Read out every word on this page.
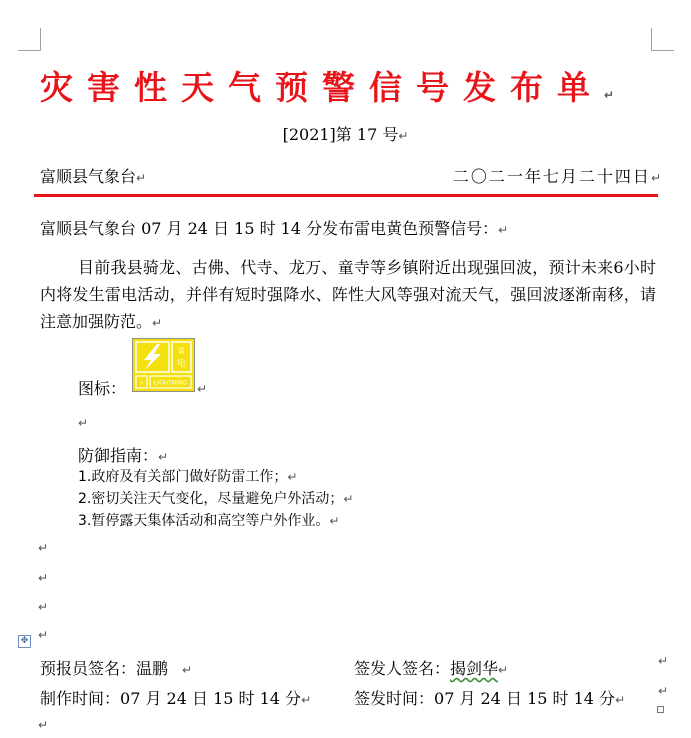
灾害性天气预警信号发布单↵
[2021]第 17 号↵
富顺县气象台↵	二〇二一年七月二十四日↵
富顺县气象台 07 月 24 日 15 时 14 分发布雷电黄色预警信号：↵
目前我县骑龙、古佛、代寺、龙万、童寺等乡镇附近出现强回波，预计未来6小时内将发生雷电活动，并伴有短时强降水、阵性大风等强对流天气，强回波逐渐南移，请注意加强防范。↵
图标：
雷
电
⚡ LIGHTNING ↵
↵
防御指南：↵
1.政府及有关部门做好防雷工作；↵
2.密切关注天气变化，尽量避免户外活动；↵
3.暂停露天集体活动和高空等户外作业。↵
↵
↵
↵
↵
✥
预报员签名：温鹏 ↵	签发人签名：揭剑华↵
↵
制作时间：07 月 24 日 15 时 14 分↵	签发时间：07 月 24 日 15 时 14 分↵
↵
↵
